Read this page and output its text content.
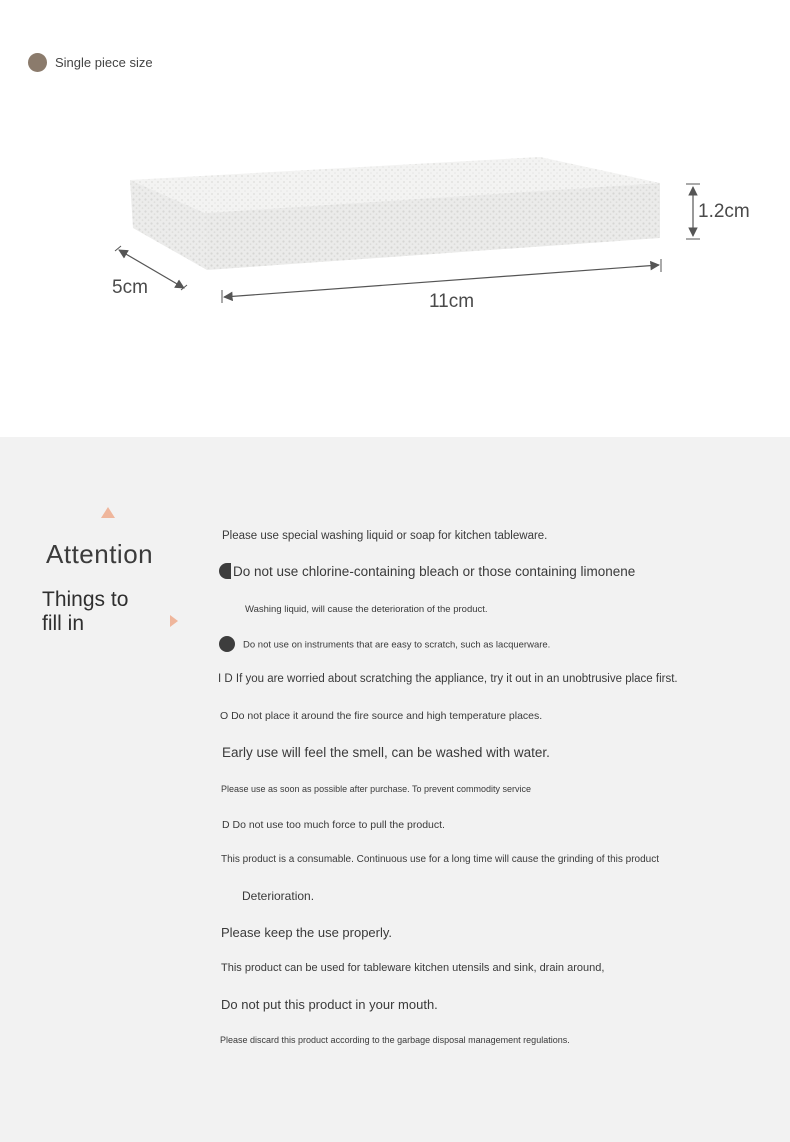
Single piece size
1.2cm
5cm
11cm
Attention
Things to
fill in
Please use special washing liquid or soap for kitchen tableware.
Do not use chlorine-containing bleach or those containing limonene
Washing liquid, will cause the deterioration of the product.
Do not use on instruments that are easy to scratch, such as lacquerware.
I D If you are worried about scratching the appliance, try it out in an unobtrusive place first.
O Do not place it around the fire source and high temperature places.
Early use will feel the smell, can be washed with water.
Please use as soon as possible after purchase. To prevent commodity service
D Do not use too much force to pull the product.
This product is a consumable. Continuous use for a long time will cause the grinding of this product
Deterioration.
Please keep the use properly.
This product can be used for tableware kitchen utensils and sink, drain around,
Do not put this product in your mouth.
Please discard this product according to the garbage disposal management regulations.
